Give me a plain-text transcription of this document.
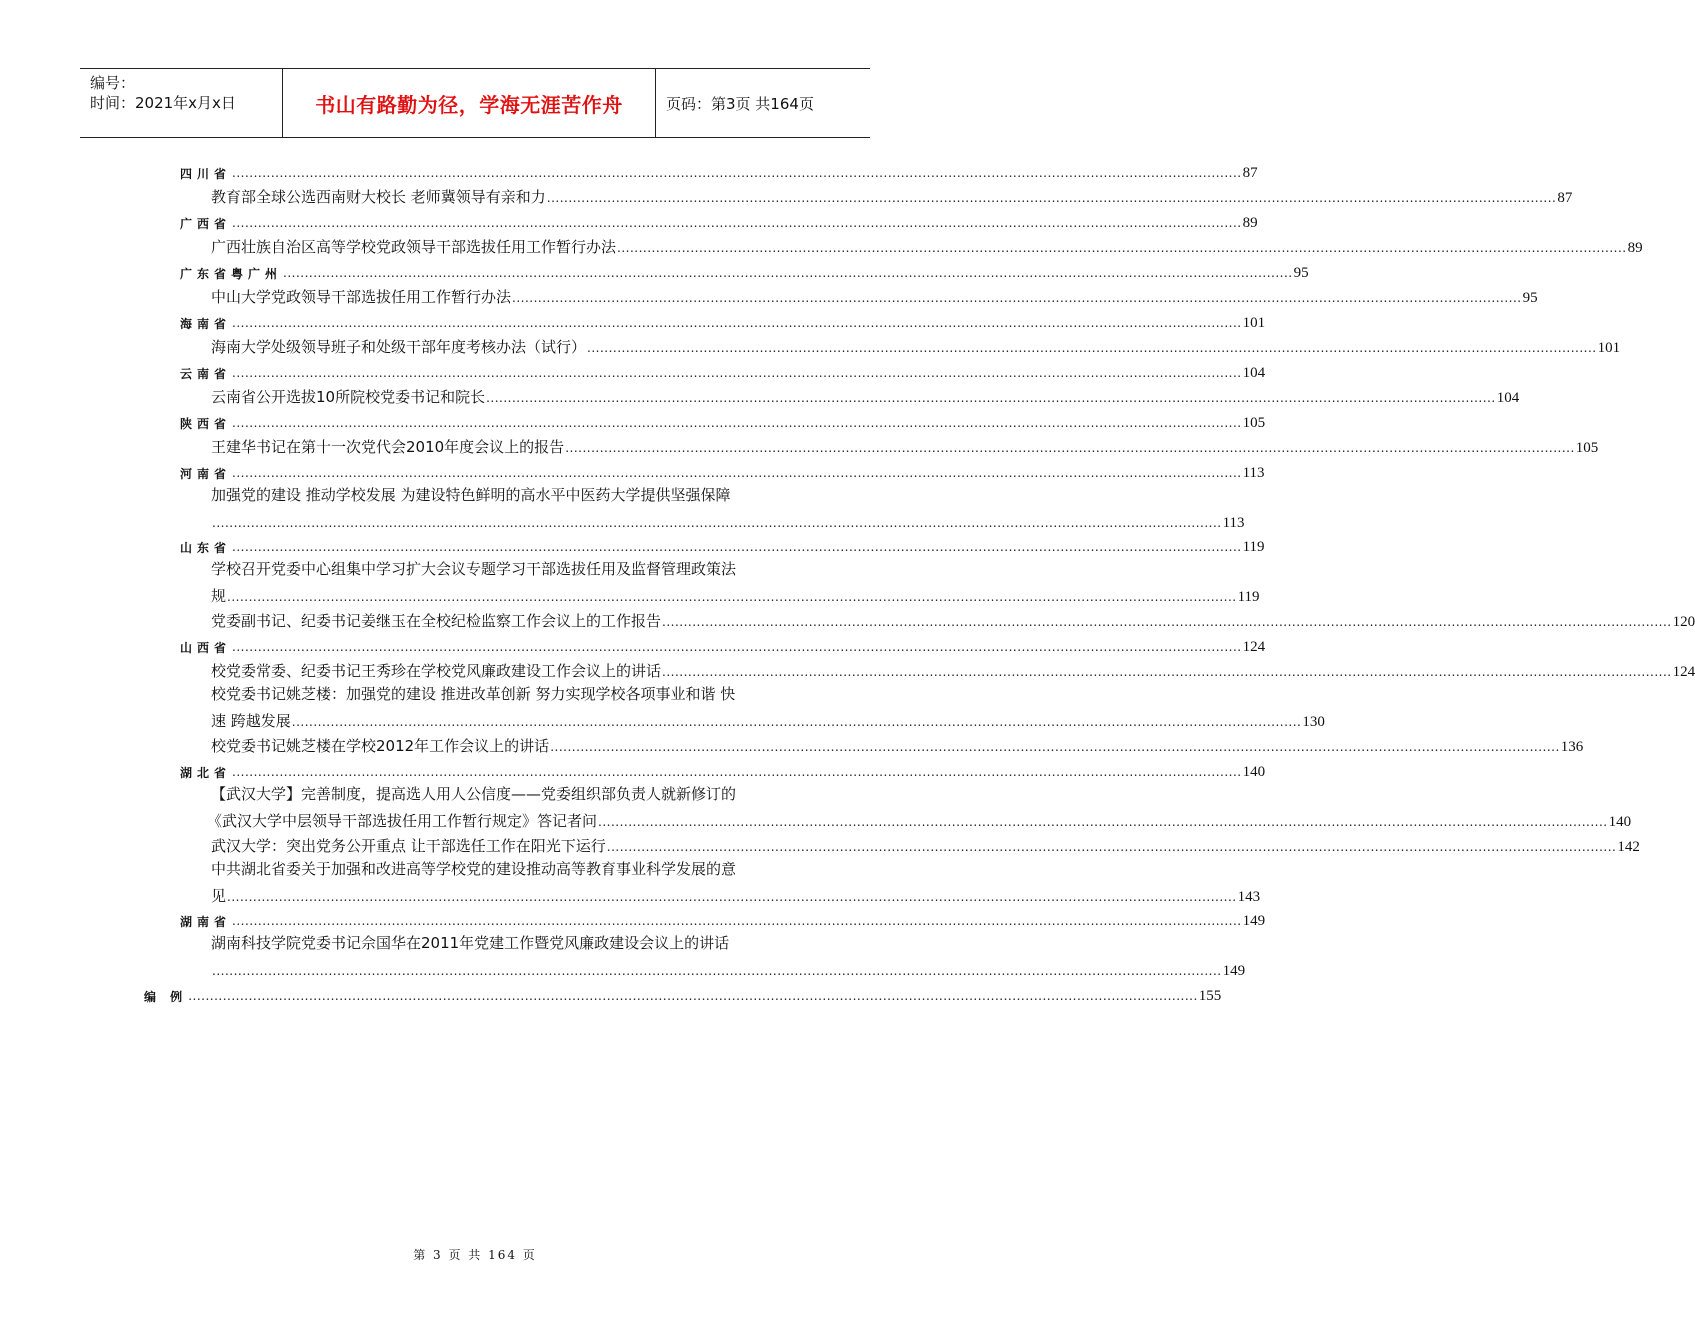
编号：
时间：2021年x月x日	书山有路勤为径，学海无涯苦作舟	页码：第3页 共164页
四川省 .......................................................................................................................................................................................................................................... 87
教育部全球公选西南财大校长 老师冀领导有亲和力 .......................................................................................................................................................................................................................................... 87
广西省 .......................................................................................................................................................................................................................................... 89
广西壮族自治区高等学校党政领导干部选拔任用工作暂行办法 .......................................................................................................................................................................................................................................... 89
广东省粤广州 .......................................................................................................................................................................................................................................... 95
中山大学党政领导干部选拔任用工作暂行办法 .......................................................................................................................................................................................................................................... 95
海南省 .......................................................................................................................................................................................................................................... 101
海南大学处级领导班子和处级干部年度考核办法（试行） .......................................................................................................................................................................................................................................... 101
云南省 .......................................................................................................................................................................................................................................... 104
云南省公开选拔10所院校党委书记和院长 .......................................................................................................................................................................................................................................... 104
陕西省 .......................................................................................................................................................................................................................................... 105
王建华书记在第十一次党代会2010年度会议上的报告 .......................................................................................................................................................................................................................................... 105
河南省 .......................................................................................................................................................................................................................................... 113
加强党的建设 推动学校发展 为建设特色鲜明的高水平中医药大学提供坚强保障
.......................................................................................................................................................................................................................................... 113
山东省 .......................................................................................................................................................................................................................................... 119
学校召开党委中心组集中学习扩大会议专题学习干部选拔任用及监督管理政策法
规 .......................................................................................................................................................................................................................................... 119
党委副书记、纪委书记姜继玉在全校纪检监察工作会议上的工作报告 .......................................................................................................................................................................................................................................... 120
山西省 .......................................................................................................................................................................................................................................... 124
校党委常委、纪委书记王秀珍在学校党风廉政建设工作会议上的讲话 .......................................................................................................................................................................................................................................... 124
校党委书记姚芝楼：加强党的建设 推进改革创新 努力实现学校各项事业和谐 快
速 跨越发展 .......................................................................................................................................................................................................................................... 130
校党委书记姚芝楼在学校2012年工作会议上的讲话 .......................................................................................................................................................................................................................................... 136
湖北省 .......................................................................................................................................................................................................................................... 140
【武汉大学】完善制度，提高选人用人公信度——党委组织部负责人就新修订的
《武汉大学中层领导干部选拔任用工作暂行规定》答记者问 .......................................................................................................................................................................................................................................... 140
武汉大学：突出党务公开重点 让干部选任工作在阳光下运行 .......................................................................................................................................................................................................................................... 142
中共湖北省委关于加强和改进高等学校党的建设推动高等教育事业科学发展的意
见 .......................................................................................................................................................................................................................................... 143
湖南省 .......................................................................................................................................................................................................................................... 149
湖南科技学院党委书记佘国华在2011年党建工作暨党风廉政建设会议上的讲话
.......................................................................................................................................................................................................................................... 149
编 例 .......................................................................................................................................................................................................................................... 155
第 3 页 共 164 页
